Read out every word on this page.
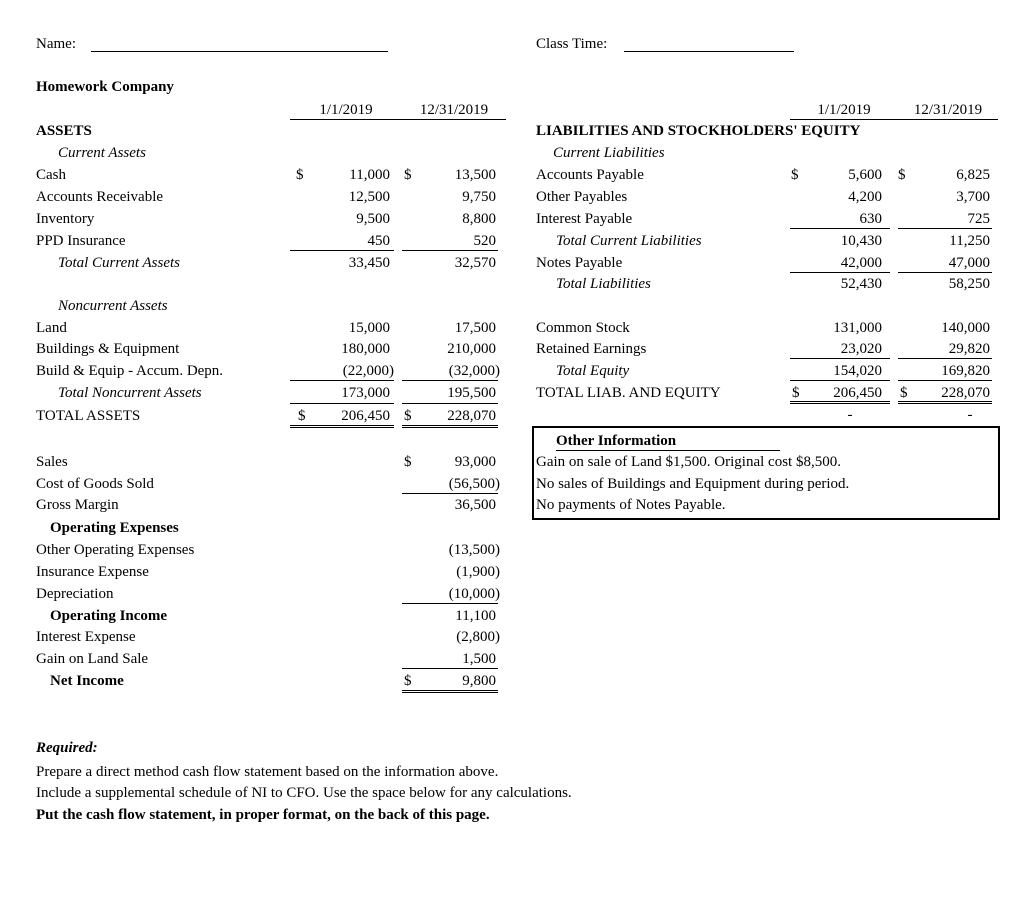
Name:	Class Time:
Homework Company
1/1/2019	12/31/2019	1/1/2019	12/31/2019
ASSETS
Current Assets
Cash	$	11,000 $	13,500
Accounts Receivable	12,500	9,750
Inventory	9,500	8,800
PPD Insurance	450	520
Total Current Assets	33,450	32,570
Noncurrent Assets
Land	15,000	17,500
Buildings & Equipment	180,000	210,000
Build & Equip - Accum. Depn.	(22,000)	(32,000)
Total Noncurrent Assets	173,000	195,500
TOTAL ASSETS	$	206,450 $	228,070
LIABILITIES AND STOCKHOLDERS' EQUITY
Current Liabilities
Accounts Payable	$	5,600 $	6,825
Other Payables	4,200	3,700
Interest Payable	630	725
Total Current Liabilities	10,430	11,250
Notes Payable	42,000	47,000
Total Liabilities	52,430	58,250
Common Stock	131,000	140,000
Retained Earnings	23,020	29,820
Total Equity	154,020	169,820
TOTAL LIAB. AND EQUITY	$	206,450 $	228,070
-	-
Other Information
Gain on sale of Land $1,500. Original cost $8,500.
No sales of Buildings and Equipment during period.
No payments of Notes Payable.
Sales	$	93,000
Cost of Goods Sold	(56,500)
Gross Margin	36,500
Operating Expenses
Other Operating Expenses	(13,500)
Insurance Expense	(1,900)
Depreciation	(10,000)
Operating Income	11,100
Interest Expense	(2,800)
Gain on Land Sale	1,500
Net Income	$	9,800
Required:
Prepare a direct method cash flow statement based on the information above.
Include a supplemental schedule of NI to CFO. Use the space below for any calculations.
Put the cash flow statement, in proper format, on the back of this page.
